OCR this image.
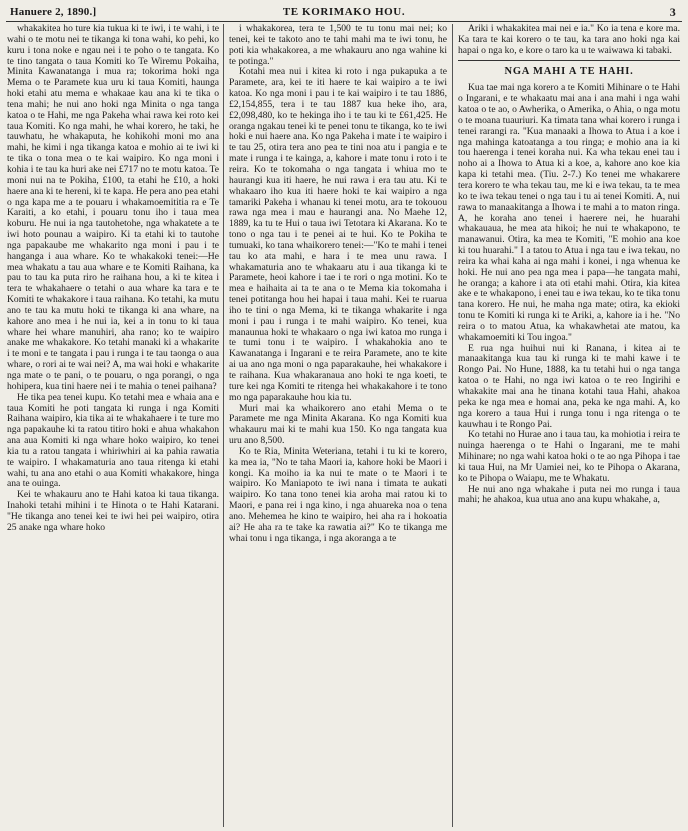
Hanuere 2, 1890.]	TE KORIMAKO HOU.	3

whakakitea ho ture kia tukua ki te iwi, i te wahi, i te wahi o te motu nei te tikanga ki tona wahi, ko pehi, ko kuru i tona noke e ngau nei i te poho o te tangata. Ko te tino tangata o taua Komiti ko Te Wiremu Pokaiha, Minita Kawanatanga i mua ra; tokorima hoki nga Mema o te Paramete kua uru ki taua Komiti, haunga hoki etahi atu mema e whakaae kau ana ki te tika o tena mahi; he nui ano hoki nga Minita o nga tanga katoa o te Hahi, me nga Pakeha whai rawa kei roto kei taua Komiti. Ko nga mahi, he whai korero, he taki, he tauwhatu, he whakaputa, he kohikohi moni mo ana mahi, he kimi i nga tikanga katoa e mohio ai te iwi ki te tika o tona mea o te kai waipiro. Ko nga moni i kohia i te tau ka huri ake nei £717 no te motu katoa. Te moni nui na te Pokiha, £100, ta etahi he £10, a hoki haere ana ki te hereni, ki te kapa. He pera ano pea etahi o nga kapa me a te pouaru i whakamoemititia ra e Te Karaiti, a ko etahi, i pouaru tonu iho i taua mea koburu. He nui ia nga tautohetohe, nga whakatete a te iwi hoto pounau a waipiro. Ki ta etahi ki to tautohe nga papakaube me whakarito nga moni i pau i te hanganga i aua whare. Ko te whakakoki tenei:—He mea whakatu a tau aua whare e te Komiti Raihana, ka pau to tau ka puta riro he raihana hou, a ki te kitea i tera te whakahaere o tetahi o aua whare ka tara e te Komiti te whakakore i taua raihana. Ko tetahi, ka mutu ano te tau ka mutu hoki te tikanga ki ana whare, na kahore ano mea i he nui ia, kei a in tonu to ki taua whare hei whare manuhiri, aha rano; ko te waipiro anake me whakakore. Ko tetahi manaki ki a whakarite i te moni e te tangata i pau i runga i te tau taonga o aua whare, o rori ai te wai nei? A, ma wai hoki e whakarite nga mate o te pani, o te pouaru, o nga porangi, o nga hohipera, kua tini haere nei i te mahia o tenei paihana?

He tika pea tenei kupu. Ko tetahi mea e whaia ana e taua Komiti he poti tangata ki runga i nga Komiti Raihana waipiro, kia tika ai te whakahaere i te ture mo nga papakauhe ki ta ratou titiro hoki e ahua whakahon ana aua Komiti ki nga whare hoko waipiro, ko tenei kia tu a ratou tangata i whiriwhiri ai ka pahia rawatia te waipiro. I whakamaturia ano taua ritenga ki etahi wahi, tu ana ano etahi o aua Komiti whakakore, hinga ana te ouinga.

Kei te whakauru ano te Hahi katoa ki taua tikanga. Inahoki tetahi mihini i te Hinota o te Hahi Katarani. "He tikanga ano tenei kei te iwi hei pei waipiro, otira 25 anake nga whare hoko

i whakakorea, tera te 1,500 te tu tonu mai nei; ko tenei, kei te takoto ano te tahi mahi ma te iwi tonu, he poti kia whakakorea, a me whakauru ano nga wahine ki te potinga."

Kotahi mea nui i kitea ki roto i nga pukapuka a te Paramete, ara, kei te iti haere te kai waipiro a te iwi katoa. Ko nga moni i pau i te kai waipiro i te tau 1886, £2,154,855, tera i te tau 1887 kua heke iho, ara, £2,098,480, ko te hekinga iho i te tau ki te £61,425. He oranga ngakau tenei ki te penei tonu te tikanga, ko te iwi hoki e nui haere ana. Ko nga Pakeha i mate i te waipiro i te tau 25, otira tera ano pea te tini noa atu i pangia e te mate i runga i te kainga, a, kahore i mate tonu i roto i te reira. Ko te tokomaha o nga tangata i whiua mo te haurangi kua iti haere, he nui rawa i era tau atu. Ki te whakaaro iho kua iti haere hoki te kai waipiro a nga tamariki Pakeha i whanau ki tenei motu, ara te tokouou rawa nga mea i mau e haurangi ana. No Maehe 12, 1889, ka tu te Hui o taua iwi Tetotara ki Akarana. Ko te tono o nga tau i te penei ai te hui. Ko te Pokiha te tumuaki, ko tana whaikorero tenei:—"Ko te mahi i tenei tau ko ata mahi, e hara i te mea unu rawa. I whakamaturia ano te whakaaru atu i aua tikanga ki te Paramete, heoi kahore i tae i te rori o nga motini. Ko te mea e haihaita ai ta te ana o te Mema kia tokomaha i tenei potitanga hou hei hapai i taua mahi. Kei te ruarua iho te tini o nga Mema, ki te tikanga whakarite i nga moni i pau i runga i te mahi waipiro. Ko tenei, kua manaunua hoki te whakaaro o nga iwi katoa mo runga i te tumi tonu i te waipiro. I whakahokia ano te Kawanatanga i Ingarani e te reira Paramete, ano te kite ai ua ano nga moni o nga paparakauhe, hei whakakore i te raihana. Kua whakaranaua ano hoki te nga koeti, te ture kei nga Komiti te ritenga hei whakakahore i te tono mo nga paparakauhe hou kia tu.

Muri mai ka whaikorero ano etahi Mema o te Paramete me nga Minita Akarana. Ko nga Komiti kua whakauru mai ki te mahi kua 150. Ko nga tangata kua uru ano 8,500.

Ko te Ria, Minita Weteriana, tetahi i tu ki te korero, ka mea ia, "No te taha Maori ia, kahore hoki be Maori i kongi. Ka moiho ia ka nui te mate o te Maori i te waipiro. Ko Maniapoto te iwi nana i timata te aukati waipiro. Ko tana tono tenei kia aroha mai ratou ki to Maori, e pana rei i nga kino, i nga ahuareka noa o tena ano. Mehemea he kino te waipiro, hei aha ra i hokoatia ai? He aha ra te take ka rawatia ai?" Ko te tikanga me whai tonu i nga tikanga, i nga akoranga a te

Ariki i whakakitea mai nei e ia." Ko ia tena e kore ma. Ka tara te kai korero o te tau, ka tara ano hoki nga kai hapai o nga ko, e kore o taro ka u te waiwawa ki tabaki.

NGA MAHI A TE HAHI.

Kua tae mai nga korero a te Komiti Mihinare o te Hahi o Ingarani, e te whakaatu mai ana i ana mahi i nga wahi katoa o te ao, o Awherika, o Amerika, o Ahia, o nga motu o te moana tuauriuri. Ka timata tana whai korero i runga i tenei rarangi ra. "Kua manaaki a Ihowa to Atua i a koe i nga mahinga katoatanga a tou ringa; e mohio ana ia ki tou haerenga i tenei koraha nui. Ka wha tekau enei tau i noho ai a Ihowa to Atua ki a koe, a, kahore ano koe kia kapa ki tetahi mea. (Tiu. 2-7.) Ko tenei me whakarere tera korero te wha tekau tau, me ki e iwa tekau, ta te mea ko te iwa tekau tenei o nga tau i tu ai tenei Komiti. A, nui rawa to manaakitanga a Ihowa i te mahi a to maton ringa. A, he koraha ano tenei i haerere nei, he huarahi whakauaua, he mea ata hikoi; he nui te whakapono, te manawanui. Otira, ka mea te Komiti, "E mohio ana koe ki tou huarahi." I a tatou to Atua i nga tau e iwa tekau, no reira ka whai kaha ai nga mahi i konei, i nga whenua ke hoki. He nui ano pea nga mea i papa—he tangata mahi, he oranga; a kahore i ata oti etahi mahi. Otira, kia kitea ake e te whakapono, i enei tau e iwa tekau, ko te tika tonu tana korero. He nui, he maha nga mate; otira, ka ekioki tonu te Komiti ki runga ki te Ariki, a, kahore ia i he. "No reira o to matou Atua, ka whakawhetai ate matou, ka whakamoemiti ki Tou ingoa."

E rua nga huihui nui ki Ranana, i kitea ai te manaakitanga kua tau ki runga ki te mahi kawe i te Rongo Pai. No Hune, 1888, ka tu tetahi hui o nga tanga katoa o te Hahi, no nga iwi katoa o te reo Ingirihi e whakakite mai ana he tinana kotahi taua Hahi, ahakoa peka ke nga mea e homai ana, peka ke nga mahi. A, ko nga korero a taua Hui i runga tonu i nga ritenga o te kauwhau i te Rongo Pai.

Ko tetahi no Hurae ano i taua tau, ka mohiotia i reira te nuinga haerenga o te Hahi o Ingarani, me te mahi Mihinare; no nga wahi katoa hoki o te ao nga Pihopa i tae ki taua Hui, na Mr Uamiei nei, ko te Pihopa o Akarana, ko te Pihopa o Waiapu, me te Whakatu.

He nui ano nga whakahe i puta nei mo runga i taua mahi; he ahakoa, kua utua ano ana kupu whakahe, a,
